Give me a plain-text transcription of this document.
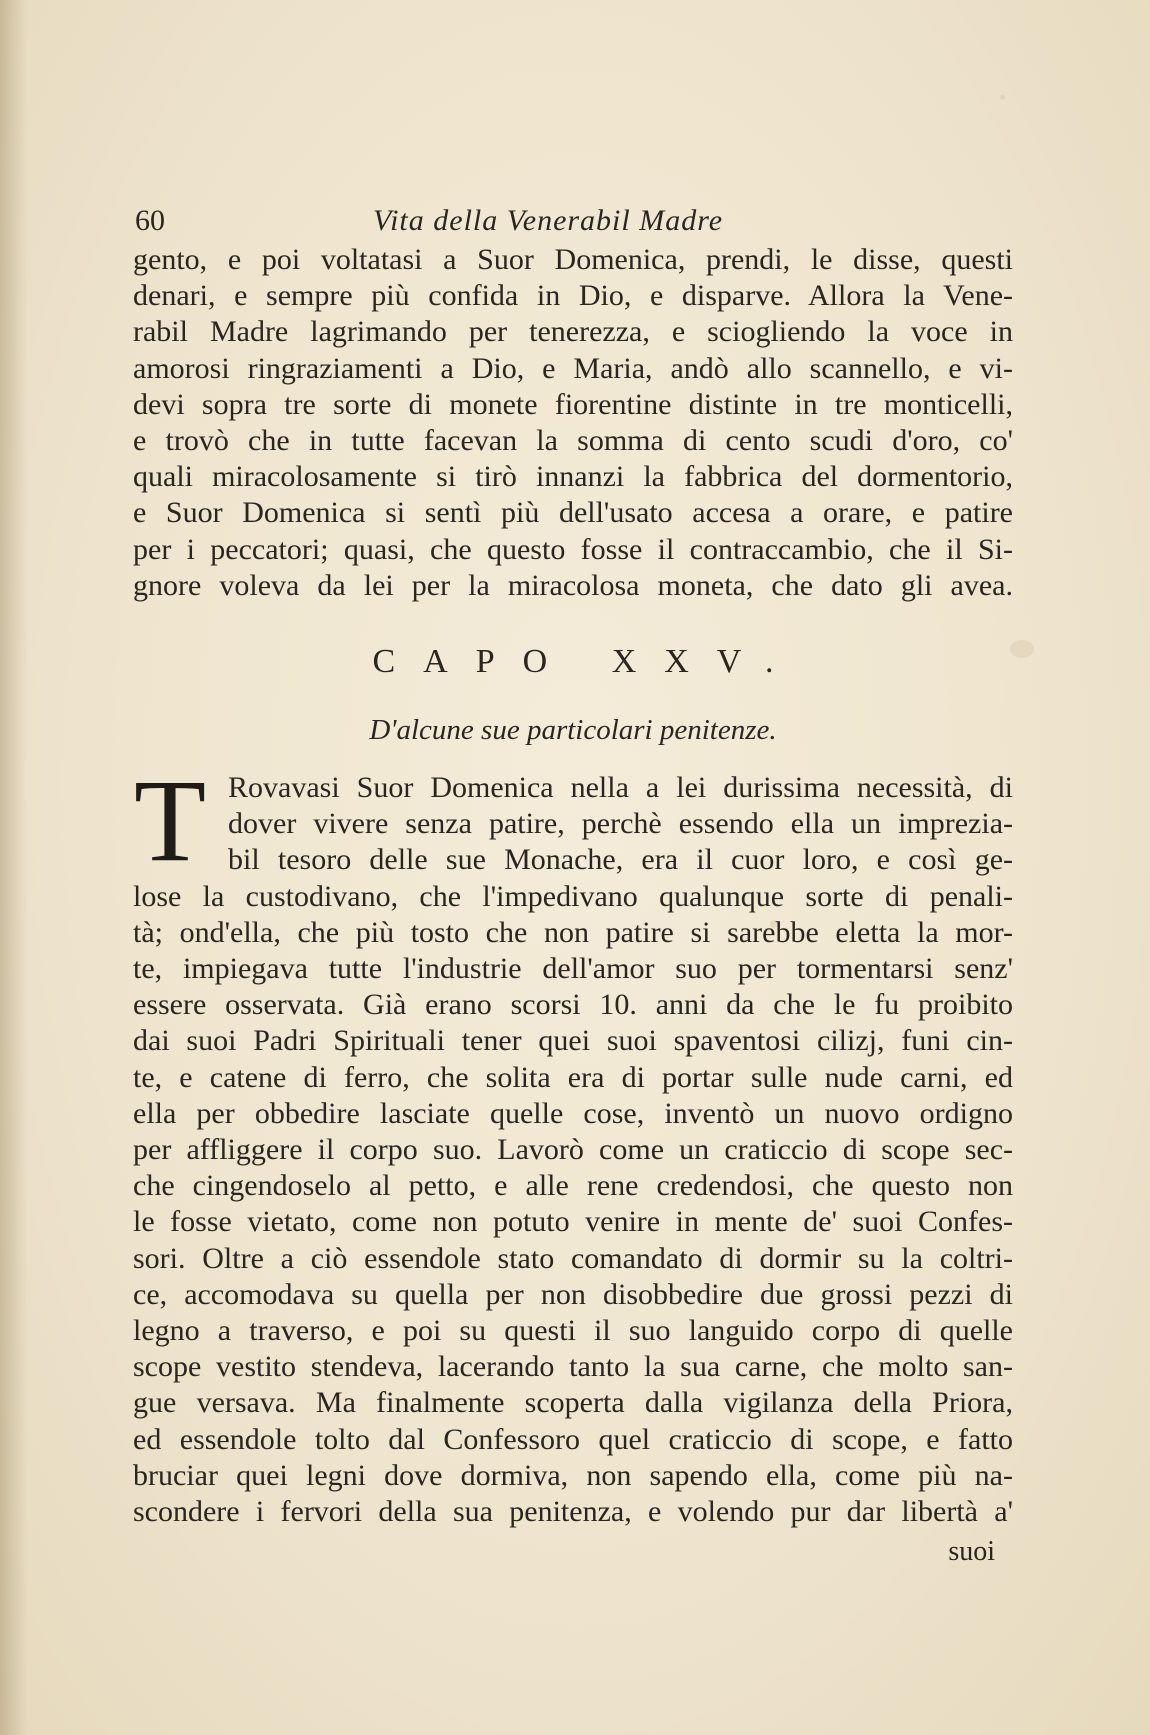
60	Vita della Venerabil Madre
gento, e poi voltatasi a Suor Domenica, prendi, le disse, questi
denari, e sempre più confida in Dio, e disparve. Allora la Vene-
rabil Madre lagrimando per tenerezza, e sciogliendo la voce in
amorosi ringraziamenti a Dio, e Maria, andò allo scannello, e vi-
devi sopra tre sorte di monete fiorentine distinte in tre monticelli,
e trovò che in tutte facevan la somma di cento scudi d'oro, co'
quali miracolosamente si tirò innanzi la fabbrica del dormentorio,
e Suor Domenica si sentì più dell'usato accesa a orare, e patire
per i peccatori; quasi, che questo fosse il contraccambio, che il Si-
gnore voleva da lei per la miracolosa moneta, che dato gli avea.
CAPO XXV.
D'alcune sue particolari penitenze.
T Rovavasi Suor Domenica nella a lei durissima necessità, di
dover vivere senza patire, perchè essendo ella un imprezia-
bil tesoro delle sue Monache, era il cuor loro, e così ge-
lose la custodivano, che l'impedivano qualunque sorte di penali-
tà; ond'ella, che più tosto che non patire si sarebbe eletta la mor-
te, impiegava tutte l'industrie dell'amor suo per tormentarsi senz'
essere osservata. Già erano scorsi 10. anni da che le fu proibito
dai suoi Padri Spirituali tener quei suoi spaventosi cilizj, funi cin-
te, e catene di ferro, che solita era di portar sulle nude carni, ed
ella per obbedire lasciate quelle cose, inventò un nuovo ordigno
per affliggere il corpo suo. Lavorò come un craticcio di scope sec-
che cingendoselo al petto, e alle rene credendosi, che questo non
le fosse vietato, come non potuto venire in mente de' suoi Confes-
sori. Oltre a ciò essendole stato comandato di dormir su la coltri-
ce, accomodava su quella per non disobbedire due grossi pezzi di
legno a traverso, e poi su questi il suo languido corpo di quelle
scope vestito stendeva, lacerando tanto la sua carne, che molto san-
gue versava. Ma finalmente scoperta dalla vigilanza della Priora,
ed essendole tolto dal Confessoro quel craticcio di scope, e fatto
bruciar quei legni dove dormiva, non sapendo ella, come più na-
scondere i fervori della sua penitenza, e volendo pur dar libertà a'
suoi
